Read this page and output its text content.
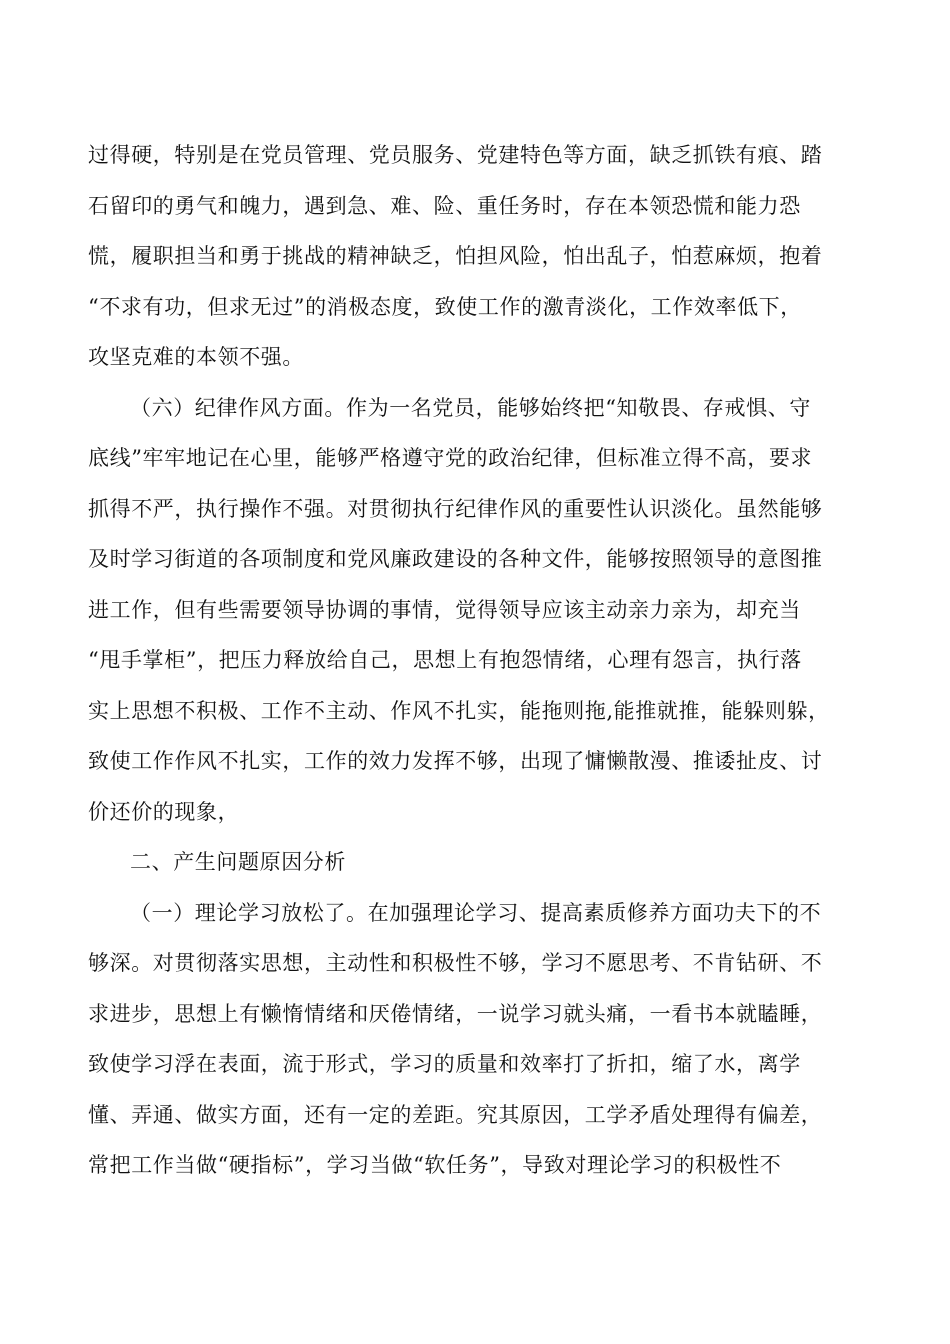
过得硬，特别是在党员管理、党员服务、党建特色等方面，缺乏抓铁有痕、踏
石留印的勇气和魄力，遇到急、难、险、重任务时，存在本领恐慌和能力恐
慌，履职担当和勇于挑战的精神缺乏，怕担风险，怕出乱子，怕惹麻烦，抱着
“不求有功，但求无过”的消极态度，致使工作的激青淡化，工作效率低下，
攻坚克难的本领不强。
（六）纪律作风方面。作为一名党员，能够始终把“知敬畏、存戒惧、守
底线”牢牢地记在心里，能够严格遵守党的政治纪律，但标准立得不高，要求
抓得不严，执行操作不强。对贯彻执行纪律作风的重要性认识淡化。虽然能够
及时学习街道的各项制度和党风廉政建设的各种文件，能够按照领导的意图推
进工作，但有些需要领导协调的事情，觉得领导应该主动亲力亲为，却充当
“甩手掌柜”，把压力释放给自己，思想上有抱怨情绪，心理有怨言，执行落
实上思想不积极、工作不主动、作风不扎实，能拖则拖,能推就推，能躲则躲，
致使工作作风不扎实，工作的效力发挥不够，出现了慵懒散漫、推诿扯皮、讨
价还价的现象，
二、产生问题原因分析
（一）理论学习放松了。在加强理论学习、提高素质修养方面功夫下的不
够深。对贯彻落实思想，主动性和积极性不够，学习不愿思考、不肯钻研、不
求进步，思想上有懒惰情绪和厌倦情绪，一说学习就头痛，一看书本就瞌睡，
致使学习浮在表面，流于形式，学习的质量和效率打了折扣，缩了水，离学
懂、弄通、做实方面，还有一定的差距。究其原因，工学矛盾处理得有偏差，
常把工作当做“硬指标”，学习当做“软任务”，导致对理论学习的积极性不
